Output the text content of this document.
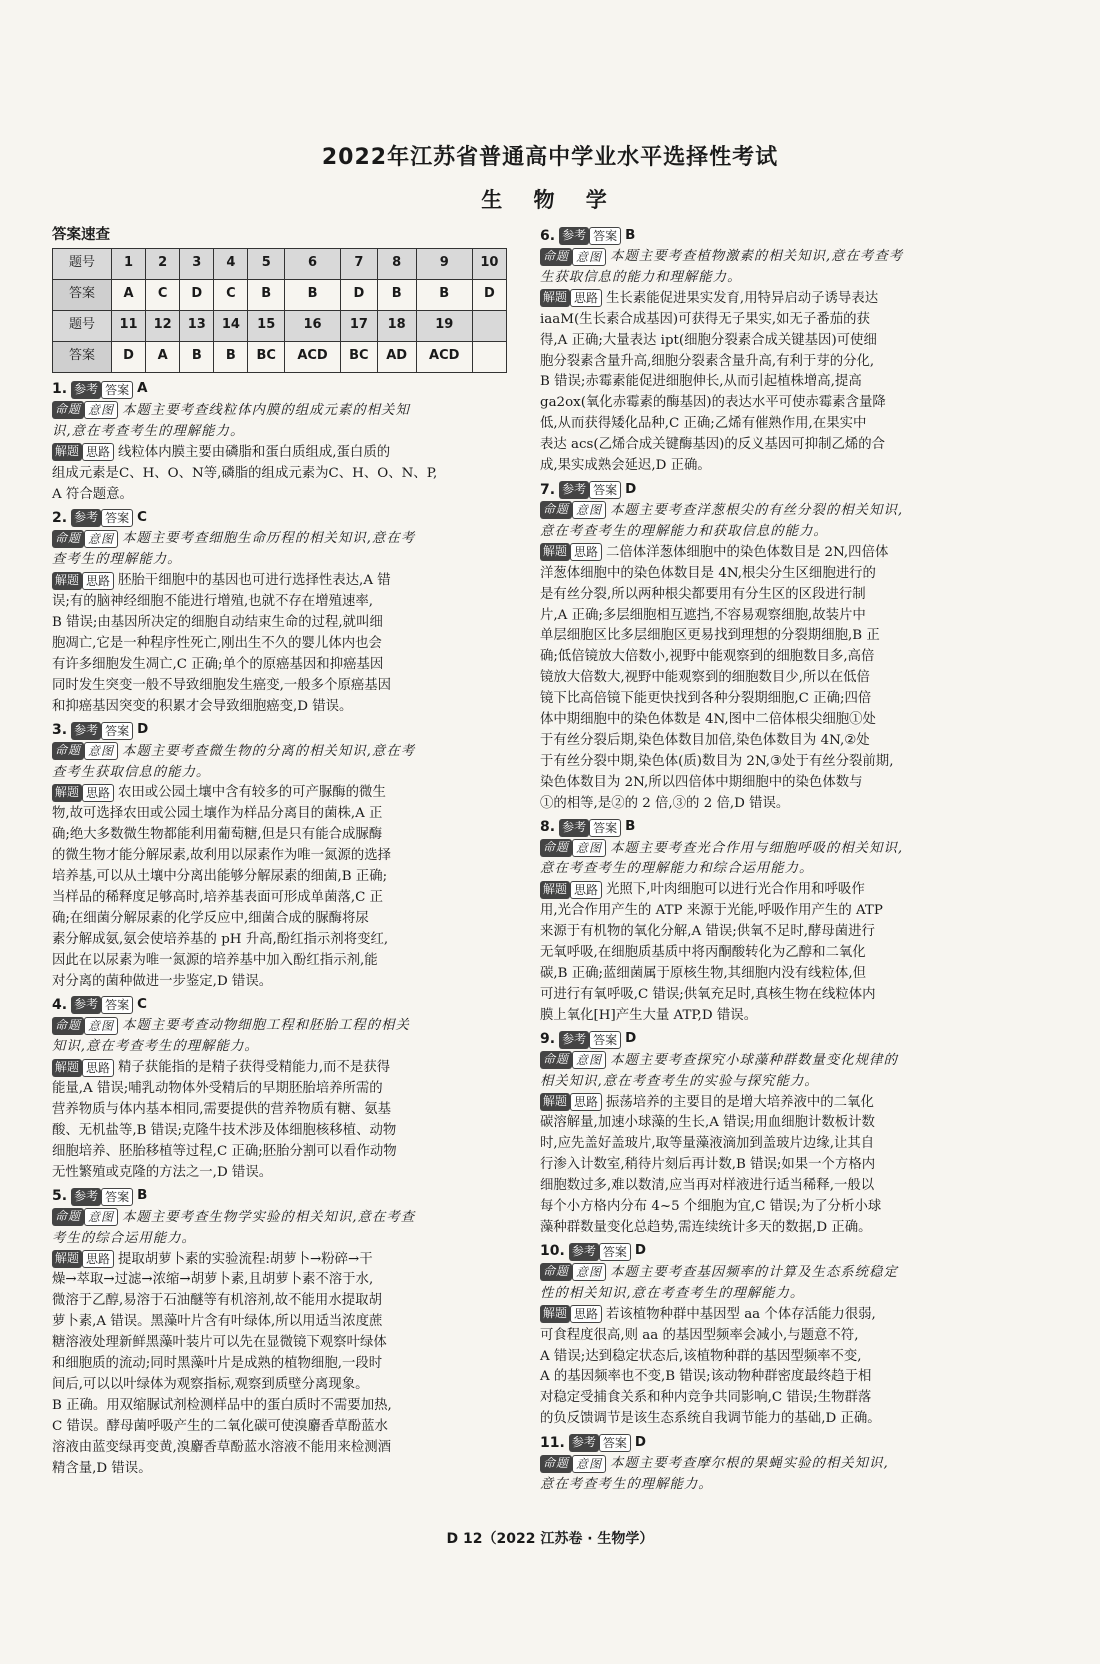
2022年江苏省普通高中学业水平选择性考试
生 物 学
答案速查
题号	1	2	3	4	5	6	7	8	9	10
答案	A	C	D	C	B	B	D	B	B	D
题号	11	12	13	14	15	16	17	18	19	
答案	D	A	B	B	BC	ACD	BC	AD	ACD	
1. 参考 答案 A
命题 意图 本题主要考查线粒体内膜的组成元素的相关知
识,意在考查考生的理解能力。
解题 思路 线粒体内膜主要由磷脂和蛋白质组成,蛋白质的
组成元素是C、H、O、N等,磷脂的组成元素为C、H、O、N、P,
A 符合题意。
2. 参考 答案 C
命题 意图 本题主要考查细胞生命历程的相关知识,意在考
查考生的理解能力。
解题 思路 胚胎干细胞中的基因也可进行选择性表达,A 错
误;有的脑神经细胞不能进行增殖,也就不存在增殖速率,
B 错误;由基因所决定的细胞自动结束生命的过程,就叫细
胞凋亡,它是一种程序性死亡,刚出生不久的婴儿体内也会
有许多细胞发生凋亡,C 正确;单个的原癌基因和抑癌基因
同时发生突变一般不导致细胞发生癌变,一般多个原癌基因
和抑癌基因突变的积累才会导致细胞癌变,D 错误。
3. 参考 答案 D
命题 意图 本题主要考查微生物的分离的相关知识,意在考
查考生获取信息的能力。
解题 思路 农田或公园土壤中含有较多的可产脲酶的微生
物,故可选择农田或公园土壤作为样品分离目的菌株,A 正
确;绝大多数微生物都能利用葡萄糖,但是只有能合成脲酶
的微生物才能分解尿素,故利用以尿素作为唯一氮源的选择
培养基,可以从土壤中分离出能够分解尿素的细菌,B 正确;
当样品的稀释度足够高时,培养基表面可形成单菌落,C 正
确;在细菌分解尿素的化学反应中,细菌合成的脲酶将尿
素分解成氨,氨会使培养基的 pH 升高,酚红指示剂将变红,
因此在以尿素为唯一氮源的培养基中加入酚红指示剂,能
对分离的菌种做进一步鉴定,D 错误。
4. 参考 答案 C
命题 意图 本题主要考查动物细胞工程和胚胎工程的相关
知识,意在考查考生的理解能力。
解题 思路 精子获能指的是精子获得受精能力,而不是获得
能量,A 错误;哺乳动物体外受精后的早期胚胎培养所需的
营养物质与体内基本相同,需要提供的营养物质有糖、氨基
酸、无机盐等,B 错误;克隆牛技术涉及体细胞核移植、动物
细胞培养、胚胎移植等过程,C 正确;胚胎分割可以看作动物
无性繁殖或克隆的方法之一,D 错误。
5. 参考 答案 B
命题 意图 本题主要考查生物学实验的相关知识,意在考查
考生的综合运用能力。
解题 思路 提取胡萝卜素的实验流程:胡萝卜→粉碎→干
燥→萃取→过滤→浓缩→胡萝卜素,且胡萝卜素不溶于水,
微溶于乙醇,易溶于石油醚等有机溶剂,故不能用水提取胡
萝卜素,A 错误。黑藻叶片含有叶绿体,所以用适当浓度蔗
糖溶液处理新鲜黑藻叶装片可以先在显微镜下观察叶绿体
和细胞质的流动;同时黑藻叶片是成熟的植物细胞,一段时
间后,可以以叶绿体为观察指标,观察到质壁分离现象。
B 正确。用双缩脲试剂检测样品中的蛋白质时不需要加热,
C 错误。酵母菌呼吸产生的二氧化碳可使溴麝香草酚蓝水
溶液由蓝变绿再变黄,溴麝香草酚蓝水溶液不能用来检测酒
精含量,D 错误。
6. 参考 答案 B
命题 意图 本题主要考查植物激素的相关知识,意在考查考
生获取信息的能力和理解能力。
解题 思路 生长素能促进果实发育,用特异启动子诱导表达
iaaM(生长素合成基因)可获得无子果实,如无子番茄的获
得,A 正确;大量表达 ipt(细胞分裂素合成关键基因)可使细
胞分裂素含量升高,细胞分裂素含量升高,有利于芽的分化,
B 错误;赤霉素能促进细胞伸长,从而引起植株增高,提高
ga2ox(氧化赤霉素的酶基因)的表达水平可使赤霉素含量降
低,从而获得矮化品种,C 正确;乙烯有催熟作用,在果实中
表达 acs(乙烯合成关键酶基因)的反义基因可抑制乙烯的合
成,果实成熟会延迟,D 正确。
7. 参考 答案 D
命题 意图 本题主要考查洋葱根尖的有丝分裂的相关知识,
意在考查考生的理解能力和获取信息的能力。
解题 思路 二倍体洋葱体细胞中的染色体数目是 2N,四倍体
洋葱体细胞中的染色体数目是 4N,根尖分生区细胞进行的
是有丝分裂,所以两种根尖都要用有分生区的区段进行制
片,A 正确;多层细胞相互遮挡,不容易观察细胞,故装片中
单层细胞区比多层细胞区更易找到理想的分裂期细胞,B 正
确;低倍镜放大倍数小,视野中能观察到的细胞数目多,高倍
镜放大倍数大,视野中能观察到的细胞数目少,所以在低倍
镜下比高倍镜下能更快找到各种分裂期细胞,C 正确;四倍
体中期细胞中的染色体数是 4N,图中二倍体根尖细胞①处
于有丝分裂后期,染色体数目加倍,染色体数目为 4N,②处
于有丝分裂中期,染色体(质)数目为 2N,③处于有丝分裂前期,
染色体数目为 2N,所以四倍体中期细胞中的染色体数与
①的相等,是②的 2 倍,③的 2 倍,D 错误。
8. 参考 答案 B
命题 意图 本题主要考查光合作用与细胞呼吸的相关知识,
意在考查考生的理解能力和综合运用能力。
解题 思路 光照下,叶肉细胞可以进行光合作用和呼吸作
用,光合作用产生的 ATP 来源于光能,呼吸作用产生的 ATP
来源于有机物的氧化分解,A 错误;供氧不足时,酵母菌进行
无氧呼吸,在细胞质基质中将丙酮酸转化为乙醇和二氧化
碳,B 正确;蓝细菌属于原核生物,其细胞内没有线粒体,但
可进行有氧呼吸,C 错误;供氧充足时,真核生物在线粒体内
膜上氧化[H]产生大量 ATP,D 错误。
9. 参考 答案 D
命题 意图 本题主要考查探究小球藻种群数量变化规律的
相关知识,意在考查考生的实验与探究能力。
解题 思路 振荡培养的主要目的是增大培养液中的二氧化
碳溶解量,加速小球藻的生长,A 错误;用血细胞计数板计数
时,应先盖好盖玻片,取等量藻液滴加到盖玻片边缘,让其自
行渗入计数室,稍待片刻后再计数,B 错误;如果一个方格内
细胞数过多,难以数清,应当再对样液进行适当稀释,一般以
每个小方格内分布 4~5 个细胞为宜,C 错误;为了分析小球
藻种群数量变化总趋势,需连续统计多天的数据,D 正确。
10. 参考 答案 D
命题 意图 本题主要考查基因频率的计算及生态系统稳定
性的相关知识,意在考查考生的理解能力。
解题 思路 若该植物种群中基因型 aa 个体存活能力很弱,
可食程度很高,则 aa 的基因型频率会减小,与题意不符,
A 错误;达到稳定状态后,该植物种群的基因型频率不变,
A 的基因频率也不变,B 错误;该动物种群密度最终趋于相
对稳定受捕食关系和种内竞争共同影响,C 错误;生物群落
的负反馈调节是该生态系统自我调节能力的基础,D 正确。
11. 参考 答案 D
命题 意图 本题主要考查摩尔根的果蝇实验的相关知识,
意在考查考生的理解能力。
D 12（2022 江苏卷 · 生物学）
